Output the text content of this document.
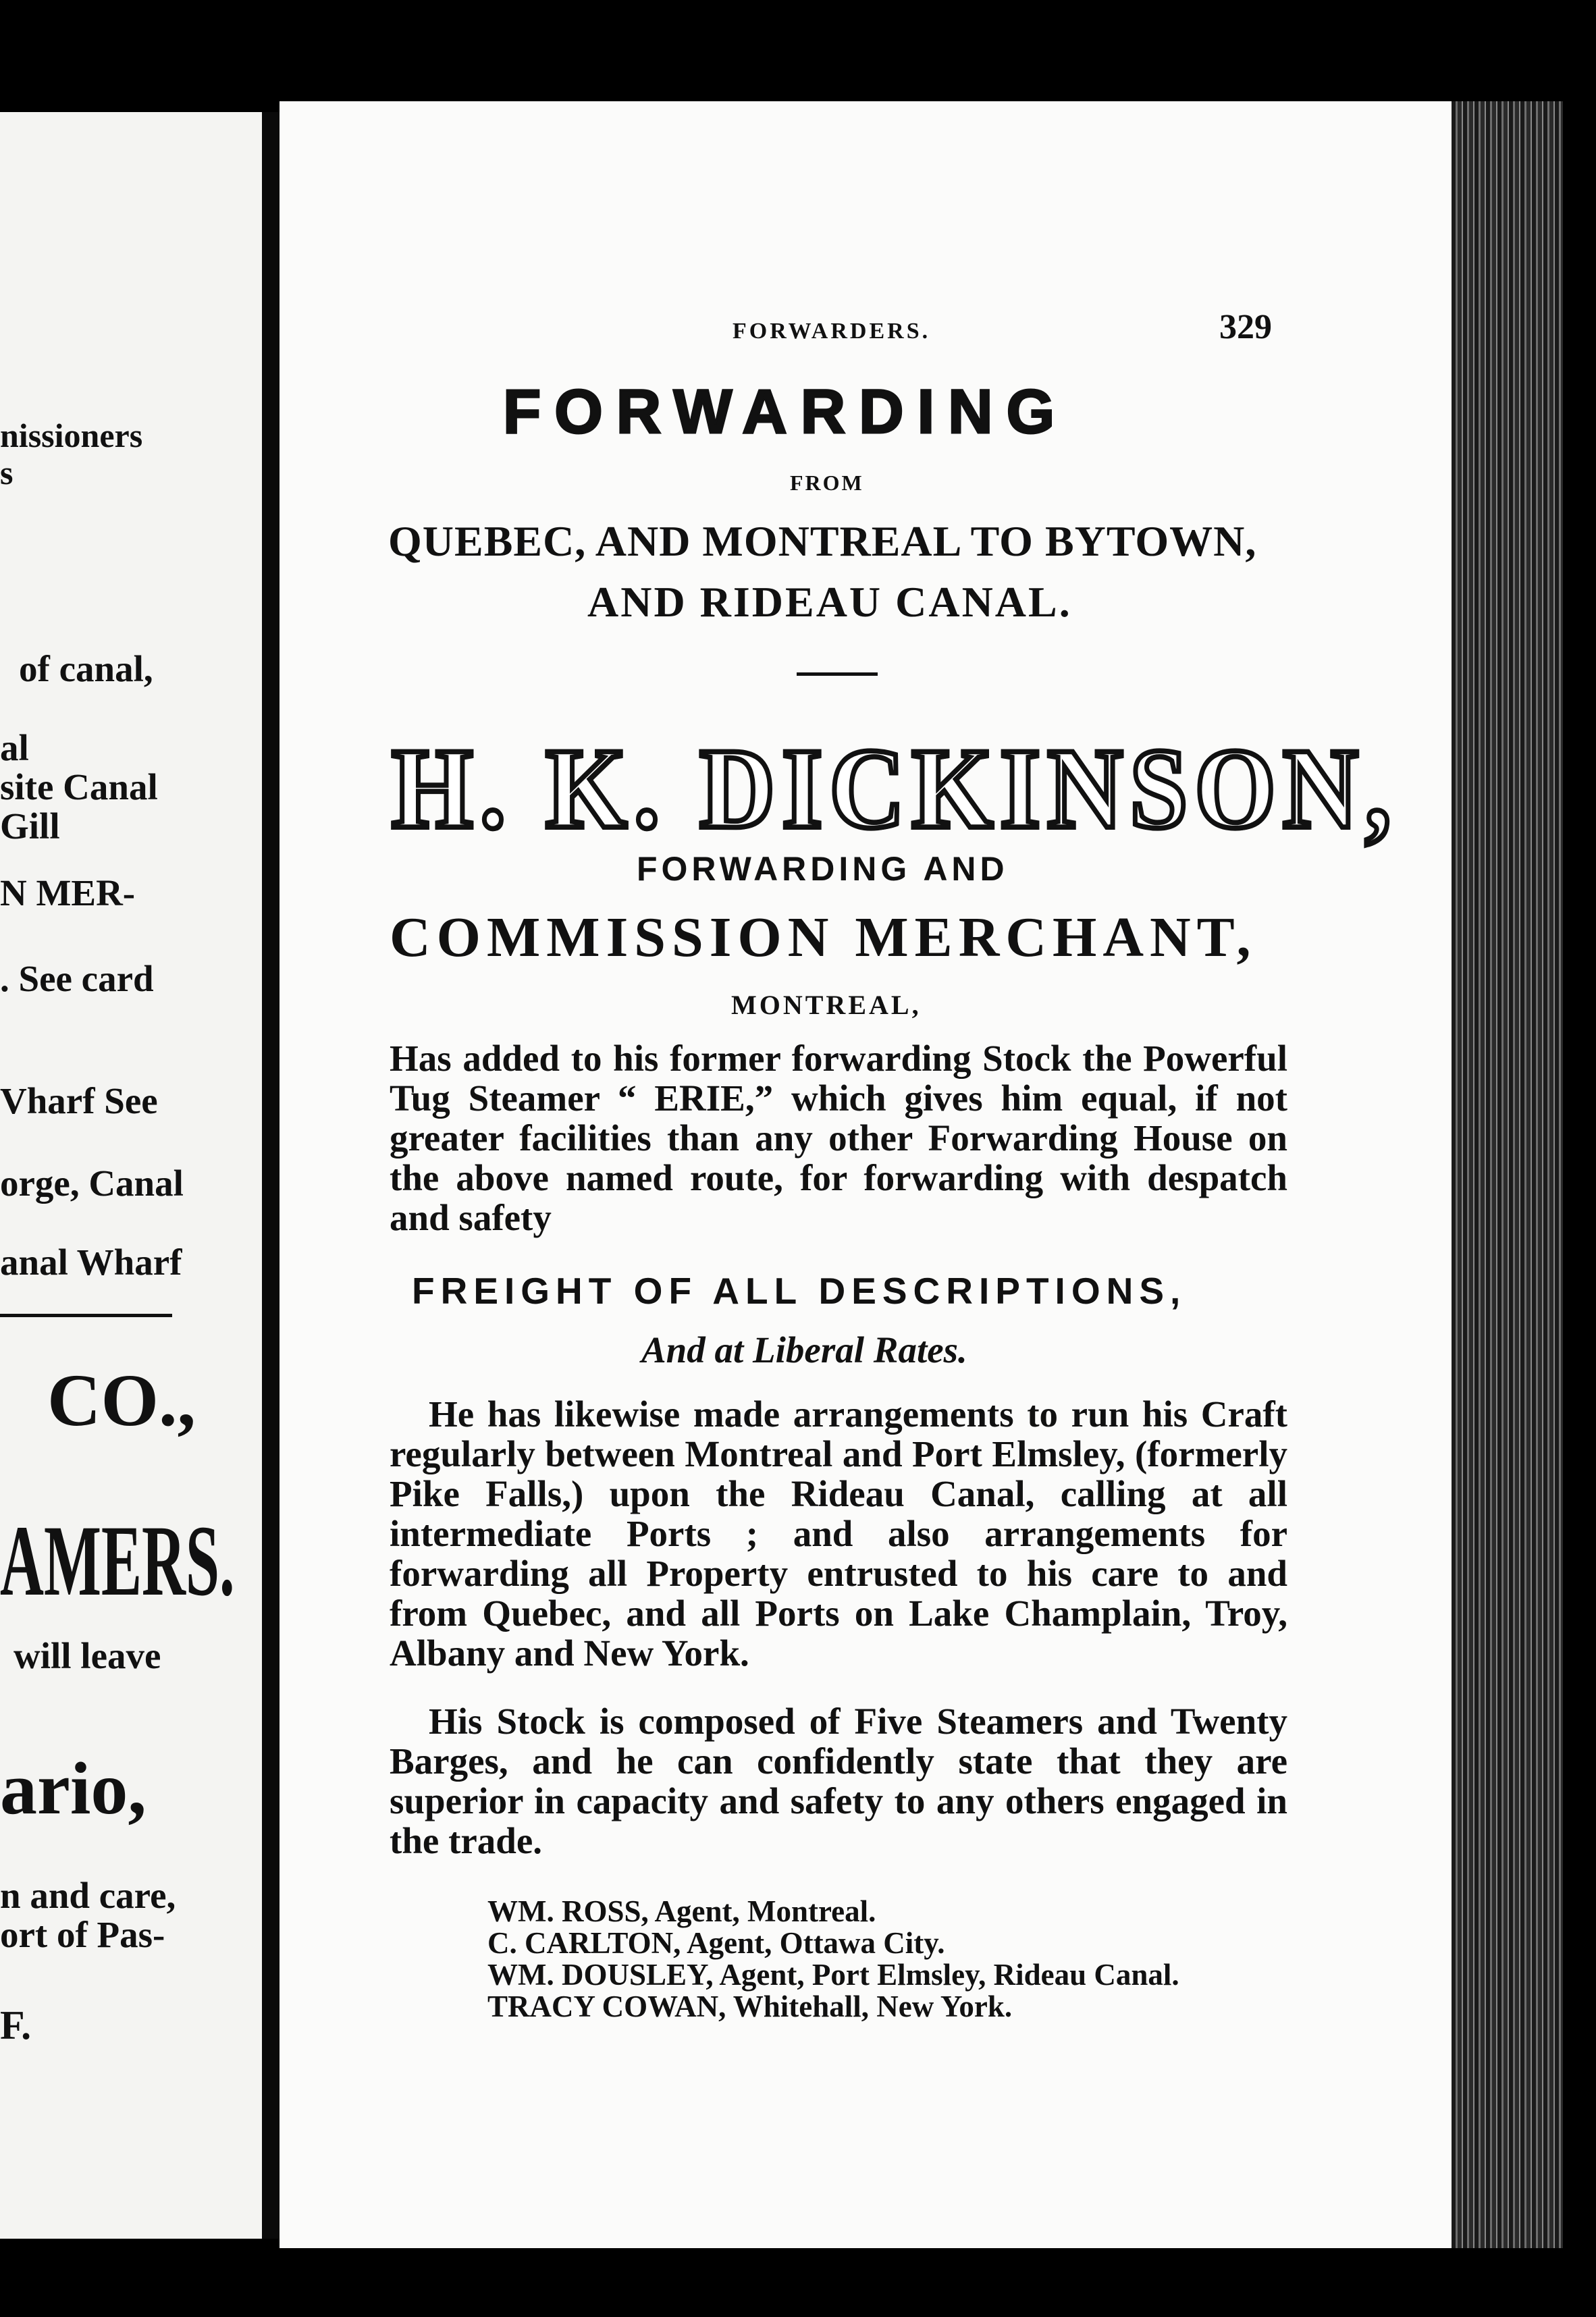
nissioners
s
of canal,
al
site Canal
Gill
N MER-
. See card
Vharf See
orge, Canal
anal Wharf
CO.,
AMERS.
will leave
ario,
n and care,
ort of Pas-
F.
FORWARDERS.	329
FORWARDING
FROM
QUEBEC, AND MONTREAL TO BYTOWN,
AND RIDEAU CANAL.
H. K. DICKINSON,
FORWARDING AND
COMMISSION MERCHANT,
MONTREAL,
Has added to his former forwarding Stock the Powerful Tug Steamer “ ERIE,” which gives him equal, if not greater facilities than any other Forwarding House on the above named route, for forwarding with despatch and safety
FREIGHT OF ALL DESCRIPTIONS,
And at Liberal Rates.
He has likewise made arrangements to run his Craft regularly between Montreal and Port Elmsley, (formerly Pike Falls,) upon the Rideau Canal, calling at all intermediate Ports ; and also arrangements for forwarding all Property entrusted to his care to and from Quebec, and all Ports on Lake Champlain, Troy, Albany and New York.
His Stock is composed of Five Steamers and Twenty Barges, and he can confidently state that they are superior in capacity and safety to any others engaged in the trade.
WM. ROSS, Agent, Montreal.
C. CARLTON, Agent, Ottawa City.
WM. DOUSLEY, Agent, Port Elmsley, Rideau Canal.
TRACY COWAN, Whitehall, New York.
